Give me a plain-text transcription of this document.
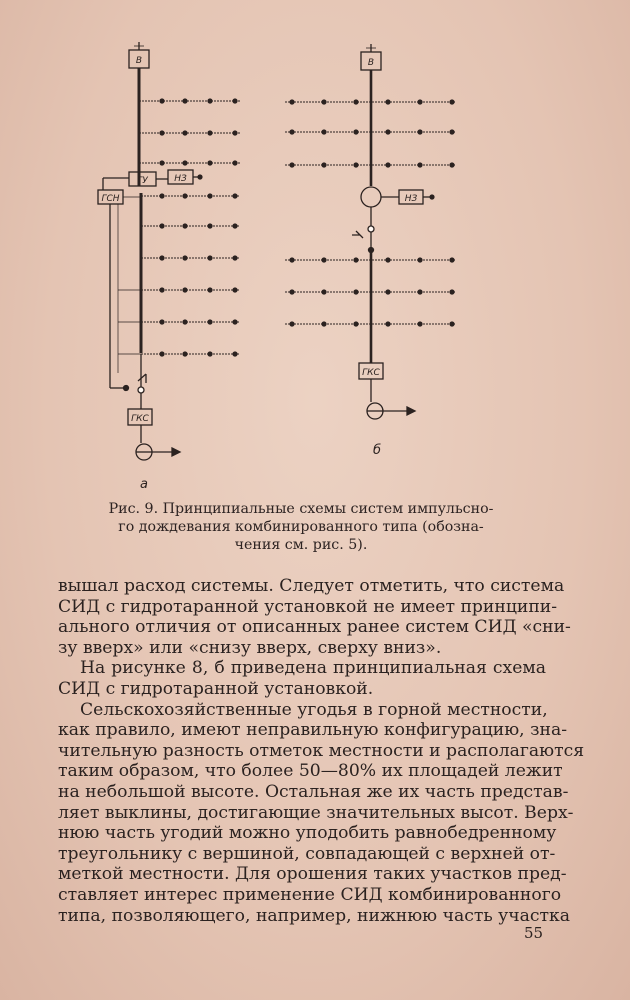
В
ГУ	НЗ
ГСН
ГКС
В
НЗ
ГКС
а
б
Рис. 9. Принципиальные схемы систем импульсно-
го дождевания комбинированного типа (обозна-
чения см. рис. 5).
вышал расход системы. Следует отметить, что система
СИД с гидротаранной установкой не имеет принципи-
ального отличия от описанных ранее систем СИД «сни-
зу вверх» или «снизу вверх, сверху вниз».
На рисунке 8, б приведена принципиальная схема
СИД с гидротаранной установкой.
Сельскохозяйственные угодья в горной местности,
как правило, имеют неправильную конфигурацию, зна-
чительную разность отметок местности и располагаются
таким образом, что более 50—80% их площадей лежит
на небольшой высоте. Остальная же их часть представ-
ляет выклины, достигающие значительных высот. Верх-
нюю часть угодий можно уподобить равнобедренному
треугольнику с вершиной, совпадающей с верхней от-
меткой местности. Для орошения таких участков пред-
ставляет интерес применение СИД комбинированного
типа, позволяющего, например, нижнюю часть участка
55
